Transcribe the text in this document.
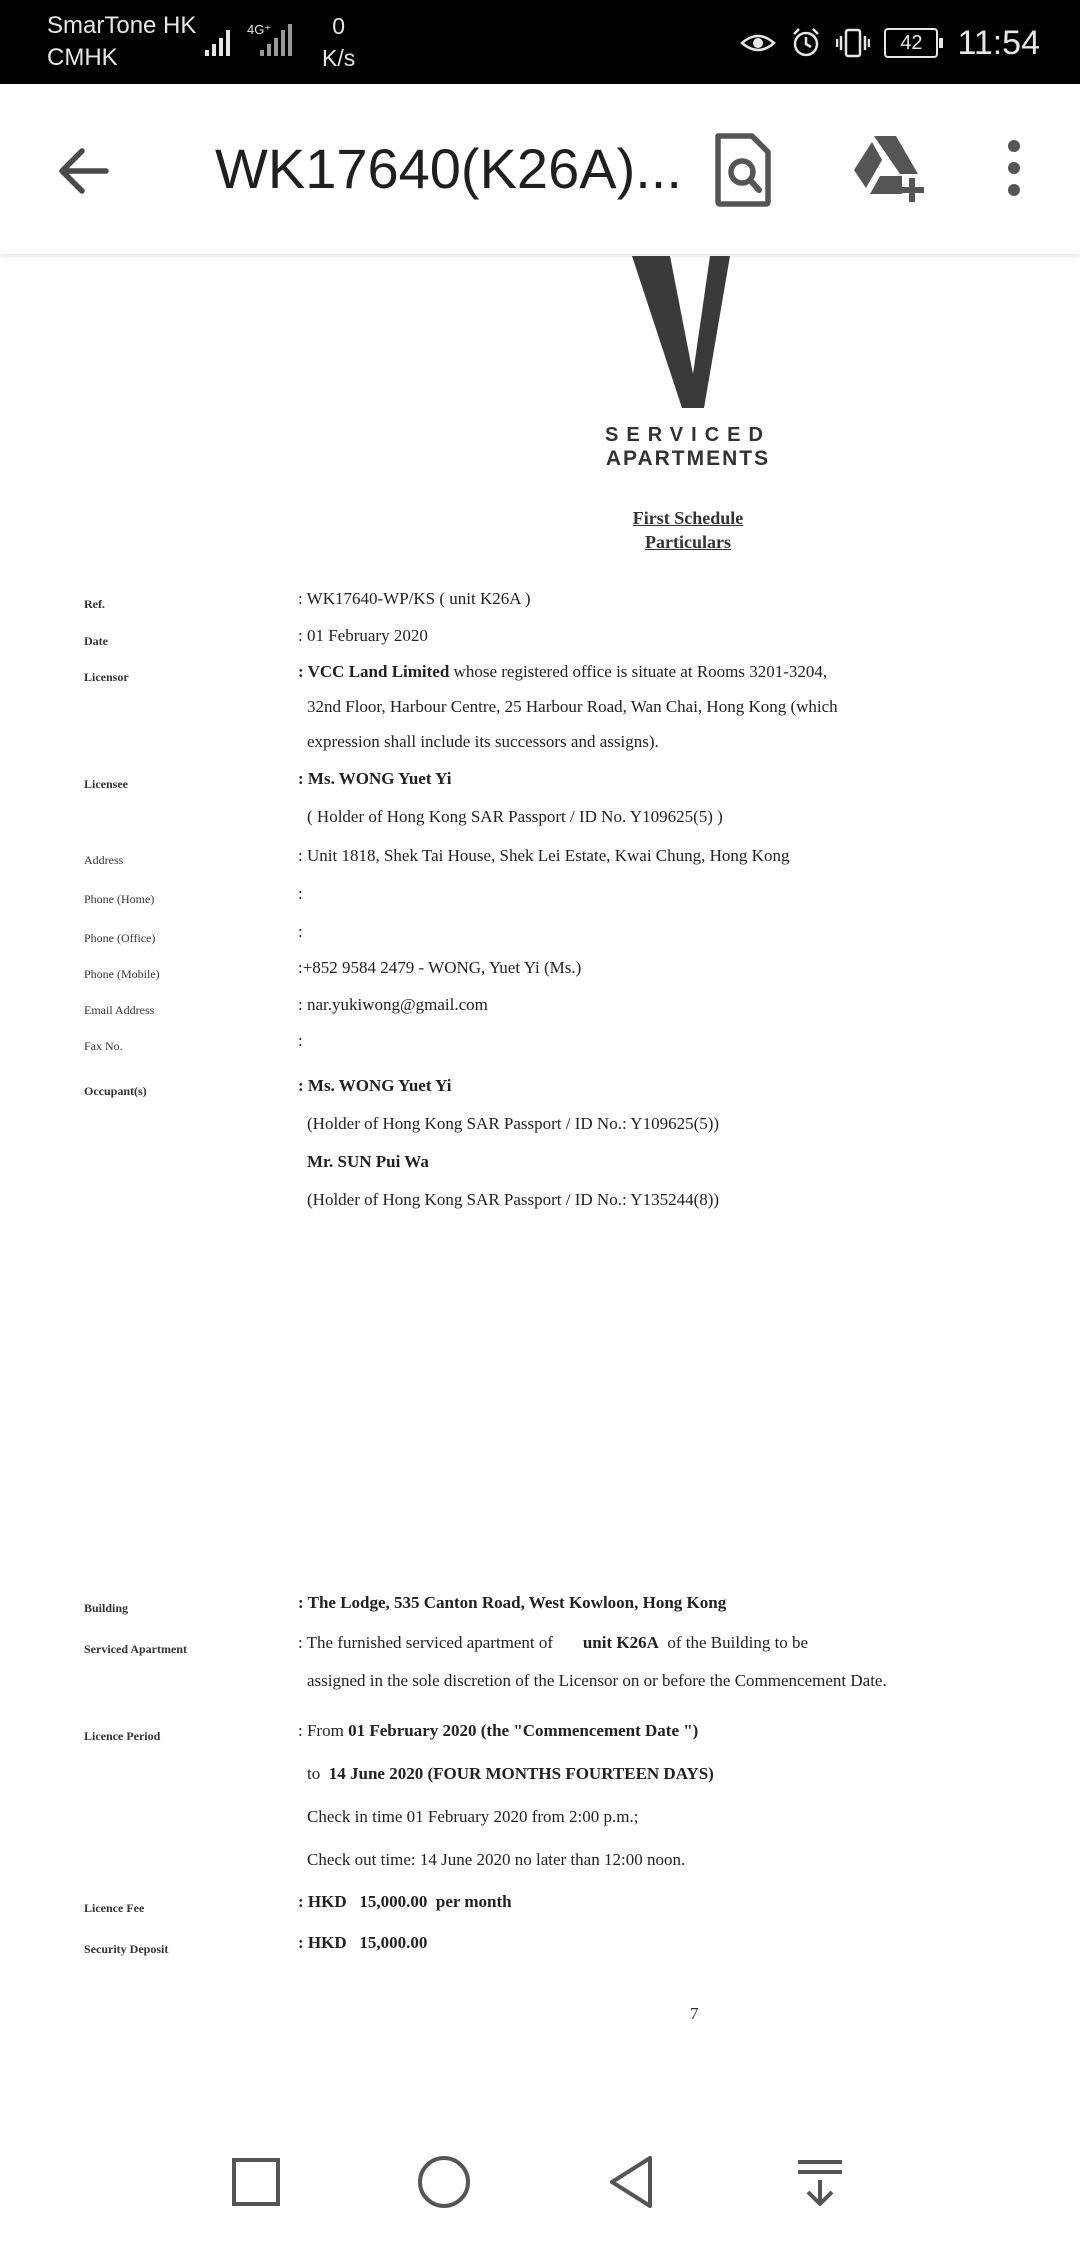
SmarTone HK
CMHK
4G⁺	0
K/s
42	11:54
WK17640(K26A)...
SERVICED
APARTMENTS
First Schedule
Particulars
Ref.	: WK17640-WP/KS ( unit K26A )
Date	: 01 February 2020
Licensor	: VCC Land Limited whose registered office is situate at Rooms 3201-3204,
32nd Floor, Harbour Centre, 25 Harbour Road, Wan Chai, Hong Kong (which
expression shall include its successors and assigns).
Licensee	: Ms. WONG Yuet Yi
( Holder of Hong Kong SAR Passport / ID No. Y109625(5) )
Address	: Unit 1818, Shek Tai House, Shek Lei Estate, Kwai Chung, Hong Kong
Phone (Home)	:
Phone (Office)	:
Phone (Mobile)	:+852 9584 2479 - WONG, Yuet Yi (Ms.)
Email Address	: nar.yukiwong@gmail.com
Fax No.	:
Occupant(s)	: Ms. WONG Yuet Yi
(Holder of Hong Kong SAR Passport / ID No.: Y109625(5))
Mr. SUN Pui Wa
(Holder of Hong Kong SAR Passport / ID No.: Y135244(8))
Building	: The Lodge, 535 Canton Road, West Kowloon, Hong Kong
Serviced Apartment	: The furnished serviced apartment of       unit K26A  of the Building to be
assigned in the sole discretion of the Licensor on or before the Commencement Date.
Licence Period	: From 01 February 2020 (the "Commencement Date ")
to  14 June 2020 (FOUR MONTHS FOURTEEN DAYS)
Check in time 01 February 2020 from 2:00 p.m.;
Check out time: 14 June 2020 no later than 12:00 noon.
Licence Fee	: HKD   15,000.00  per month
Security Deposit	: HKD   15,000.00
7
